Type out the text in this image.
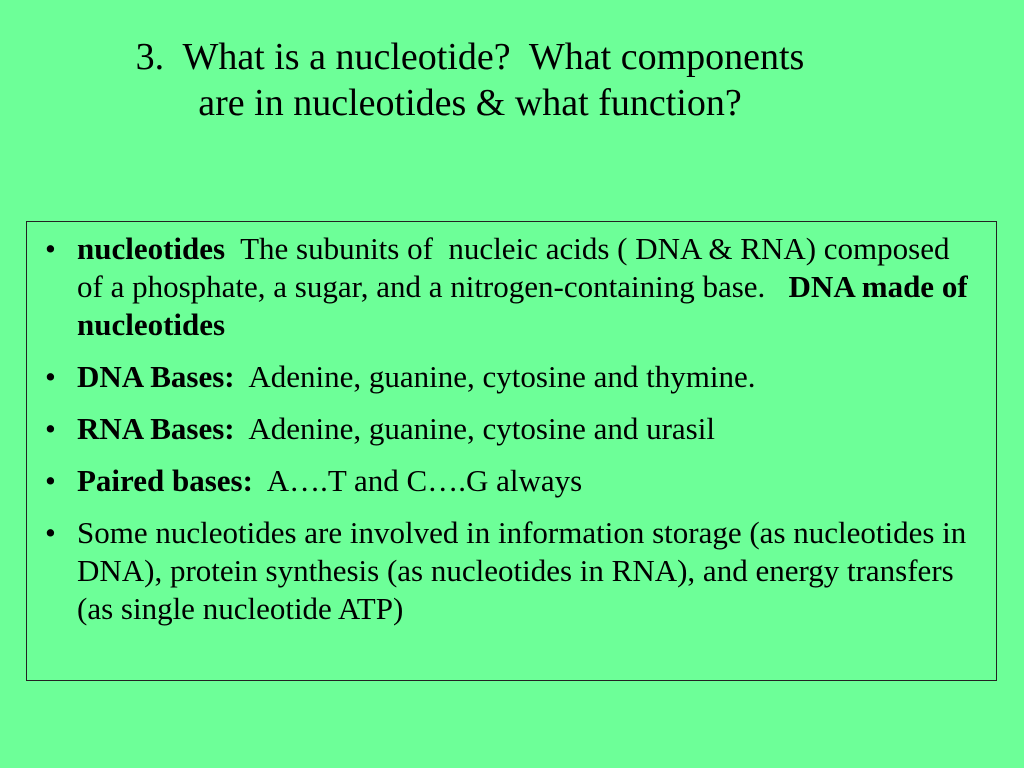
3.  What is a nucleotide?  What components
are in nucleotides & what function?
• nucleotides  The subunits of  nucleic acids ( DNA & RNA) composed of a phosphate, a sugar, and a nitrogen-containing base.   DNA made of nucleotides
• DNA Bases:  Adenine, guanine, cytosine and thymine.
• RNA Bases:  Adenine, guanine, cytosine and urasil
• Paired bases:  A….T and C….G always
• Some nucleotides are involved in information storage (as nucleotides in DNA), protein synthesis (as nucleotides in RNA), and energy transfers (as single nucleotide ATP)
